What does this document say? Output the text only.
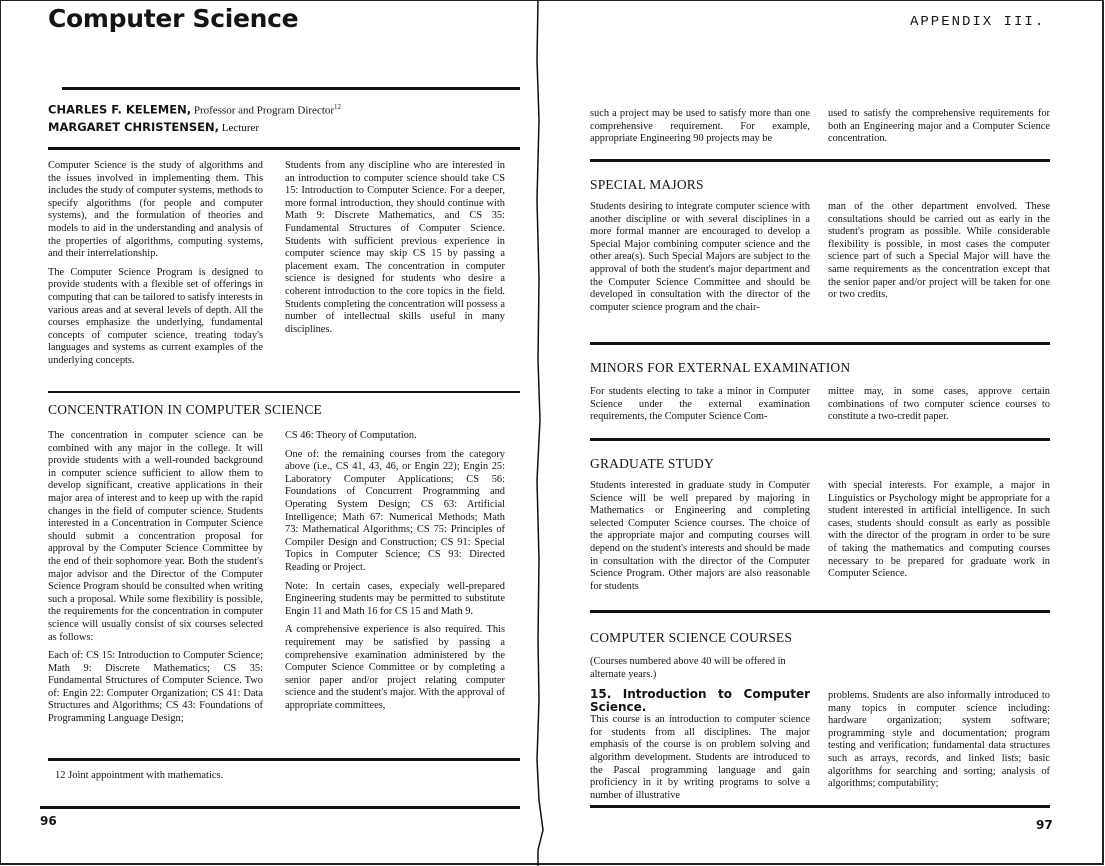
Computer Science
CHARLES F. KELEMEN, Professor and Program Director$^{12}$
MARGARET CHRISTENSEN, Lecturer

Computer Science is the study of algorithms and the issues involved in implementing them. This includes the study of computer systems, methods to specify algorithms (for people and computer systems), and the formulation of theories and models to aid in the understanding and analysis of the properties of algorithms, computing systems, and their interrelationship.

The Computer Science Program is designed to provide students with a flexible set of offerings in computing that can be tailored to satisfy interests in various areas and at several levels of depth. All the courses emphasize the underlying, fundamental concepts of computer science, treating today's languages and systems as current examples of the underlying concepts.

Students from any discipline who are interested in an introduction to computer science should take CS 15: Introduction to Computer Science. For a deeper, more formal introduction, they should continue with Math 9: Discrete Mathematics, and CS 35: Fundamental Structures of Computer Science. Students with sufficient previous experience in computer science may skip CS 15 by passing a placement exam. The concentration in computer science is designed for students who desire a coherent introduction to the core topics in the field. Students completing the concentration will possess a number of intellectual skills useful in many disciplines.

CONCENTRATION IN COMPUTER SCIENCE

The concentration in computer science can be combined with any major in the college. It will provide students with a well-rounded background in computer science sufficient to allow them to develop significant, creative applications in their major area of interest and to keep up with the rapid changes in the field of computer science. Students interested in a Concentration in Computer Science should submit a concentration proposal for approval by the Computer Science Committee by the end of their sophomore year. Both the student's major advisor and the Director of the Computer Science Program should be consulted when writing such a proposal. While some flexibility is possible, the requirements for the concentration in computer science will usually consist of six courses selected as follows:

Each of: CS 15: Introduction to Computer Science; Math 9: Discrete Mathematics; CS 35: Fundamental Structures of Computer Science. Two of: Engin 22: Computer Organization; CS 41: Data Structures and Algorithms; CS 43: Foundations of Programming Language Design;

CS 46: Theory of Computation.

One of: the remaining courses from the category above (i.e., CS 41, 43, 46, or Engin 22); Engin 25: Laboratory Computer Applications; CS 56: Foundations of Concurrent Programming and Operating System Design; CS 63: Artificial Intelligence; Math 67: Numerical Methods; Math 73: Mathematical Algorithms; CS 75: Principles of Compiler Design and Construction; CS 91: Special Topics in Computer Science; CS 93: Directed Reading or Project.

Note: In certain cases, expecialy well-prepared Engineering students may be permitted to substitute Engin 11 and Math 16 for CS 15 and Math 9.

A comprehensive experience is also required. This requirement may be satisfied by passing a comprehensive examination administered by the Computer Science Committee or by completing a senior paper and/or project relating computer science and the student's major. With the approval of appropriate committees,

12 Joint appointment with mathematics.
96
APPENDIX III.

such a project may be used to satisfy more than one comprehensive requirement. For example, appropriate Engineering 90 projects may be

used to satisfy the comprehensive requirements for both an Engineering major and a Computer Science concentration.

SPECIAL MAJORS

Students desiring to integrate computer science with another discipline or with several disciplines in a more formal manner are encouraged to develop a Special Major combining computer science and the other area(s). Such Special Majors are subject to the approval of both the student's major department and the Computer Science Committee and should be developed in consultation with the director of the computer science program and the chair-

man of the other department envolved. These consultations should be carried out as early in the student's program as possible. While considerable flexibility is possible, in most cases the computer science part of such a Special Major will have the same requirements as the concentration except that the senior paper and/or project will be taken for one or two credits.

MINORS FOR EXTERNAL EXAMINATION

For students electing to take a minor in Computer Science under the external examination requirements, the Computer Science Com-

mittee may, in some cases, approve certain combinations of two computer science courses to constitute a two-credit paper.

GRADUATE STUDY

Students interested in graduate study in Computer Science will be well prepared by majoring in Mathematics or Engineering and completing selected Computer Science courses. The choice of the appropriate major and computing courses will depend on the student's interests and should be made in consultation with the director of the Computer Science Program. Other majors are also reasonable for students

with special interests. For example, a major in Linguistics or Psychology might be appropriate for a student interested in artificial intelligence. In such cases, students should consult as early as possible with the director of the program in order to be sure of taking the mathematics and computing courses necessary to be prepared for graduate work in Computer Science.

COMPUTER SCIENCE COURSES

(Courses numbered above 40 will be offered in alternate years.)

15. Introduction to Computer Science.

This course is an introduction to computer science for students from all disciplines. The major emphasis of the course is on problem solving and algorithm development. Students are introduced to the Pascal programming language and gain proficiency in it by writing programs to solve a number of illustrative

problems. Students are also informally introduced to many topics in computer science including: hardware organization; system software; programming style and documentation; program testing and verification; fundamental data structures such as arrays, records, and linked lists; basic algorithms for searching and sorting; analysis of algorithms; computability;

97
